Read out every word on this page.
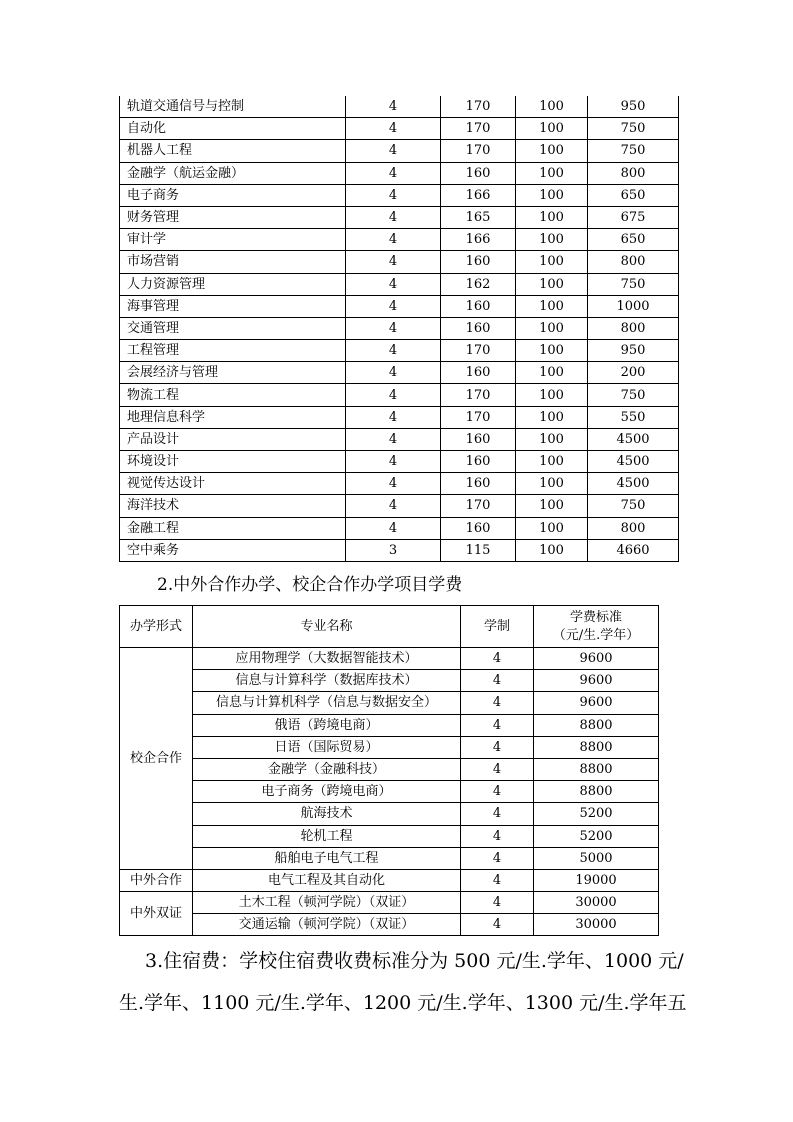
轨道交通信号与控制	4	170	100	950
自动化	4	170	100	750
机器人工程	4	170	100	750
金融学（航运金融）	4	160	100	800
电子商务	4	166	100	650
财务管理	4	165	100	675
审计学	4	166	100	650
市场营销	4	160	100	800
人力资源管理	4	162	100	750
海事管理	4	160	100	1000
交通管理	4	160	100	800
工程管理	4	170	100	950
会展经济与管理	4	160	100	200
物流工程	4	170	100	750
地理信息科学	4	170	100	550
产品设计	4	160	100	4500
环境设计	4	160	100	4500
视觉传达设计	4	160	100	4500
海洋技术	4	170	100	750
金融工程	4	160	100	800
空中乘务	3	115	100	4660
2.中外合作办学、校企合作办学项目学费
办学形式	专业名称	学制	学费标准
（元/生.学年）

校企合作	应用物理学（大数据智能技术）	4	9600
	信息与计算科学（数据库技术）	4	9600
	信息与计算机科学（信息与数据安全）	4	9600
	俄语（跨境电商）	4	8800
	日语（国际贸易）	4	8800
	金融学（金融科技）	4	8800
	电子商务（跨境电商）	4	8800
	航海技术	4	5200
	轮机工程	4	5200
	船舶电子电气工程	4	5000
中外合作	电气工程及其自动化	4	19000
中外双证	土木工程（顿河学院）（双证）	4	30000
	交通运输（顿河学院）（双证）	4	30000
3.住宿费：学校住宿费收费标准分为 500 元/生.学年、1000 元/
生.学年、1100 元/生.学年、1200 元/生.学年、1300 元/生.学年五
